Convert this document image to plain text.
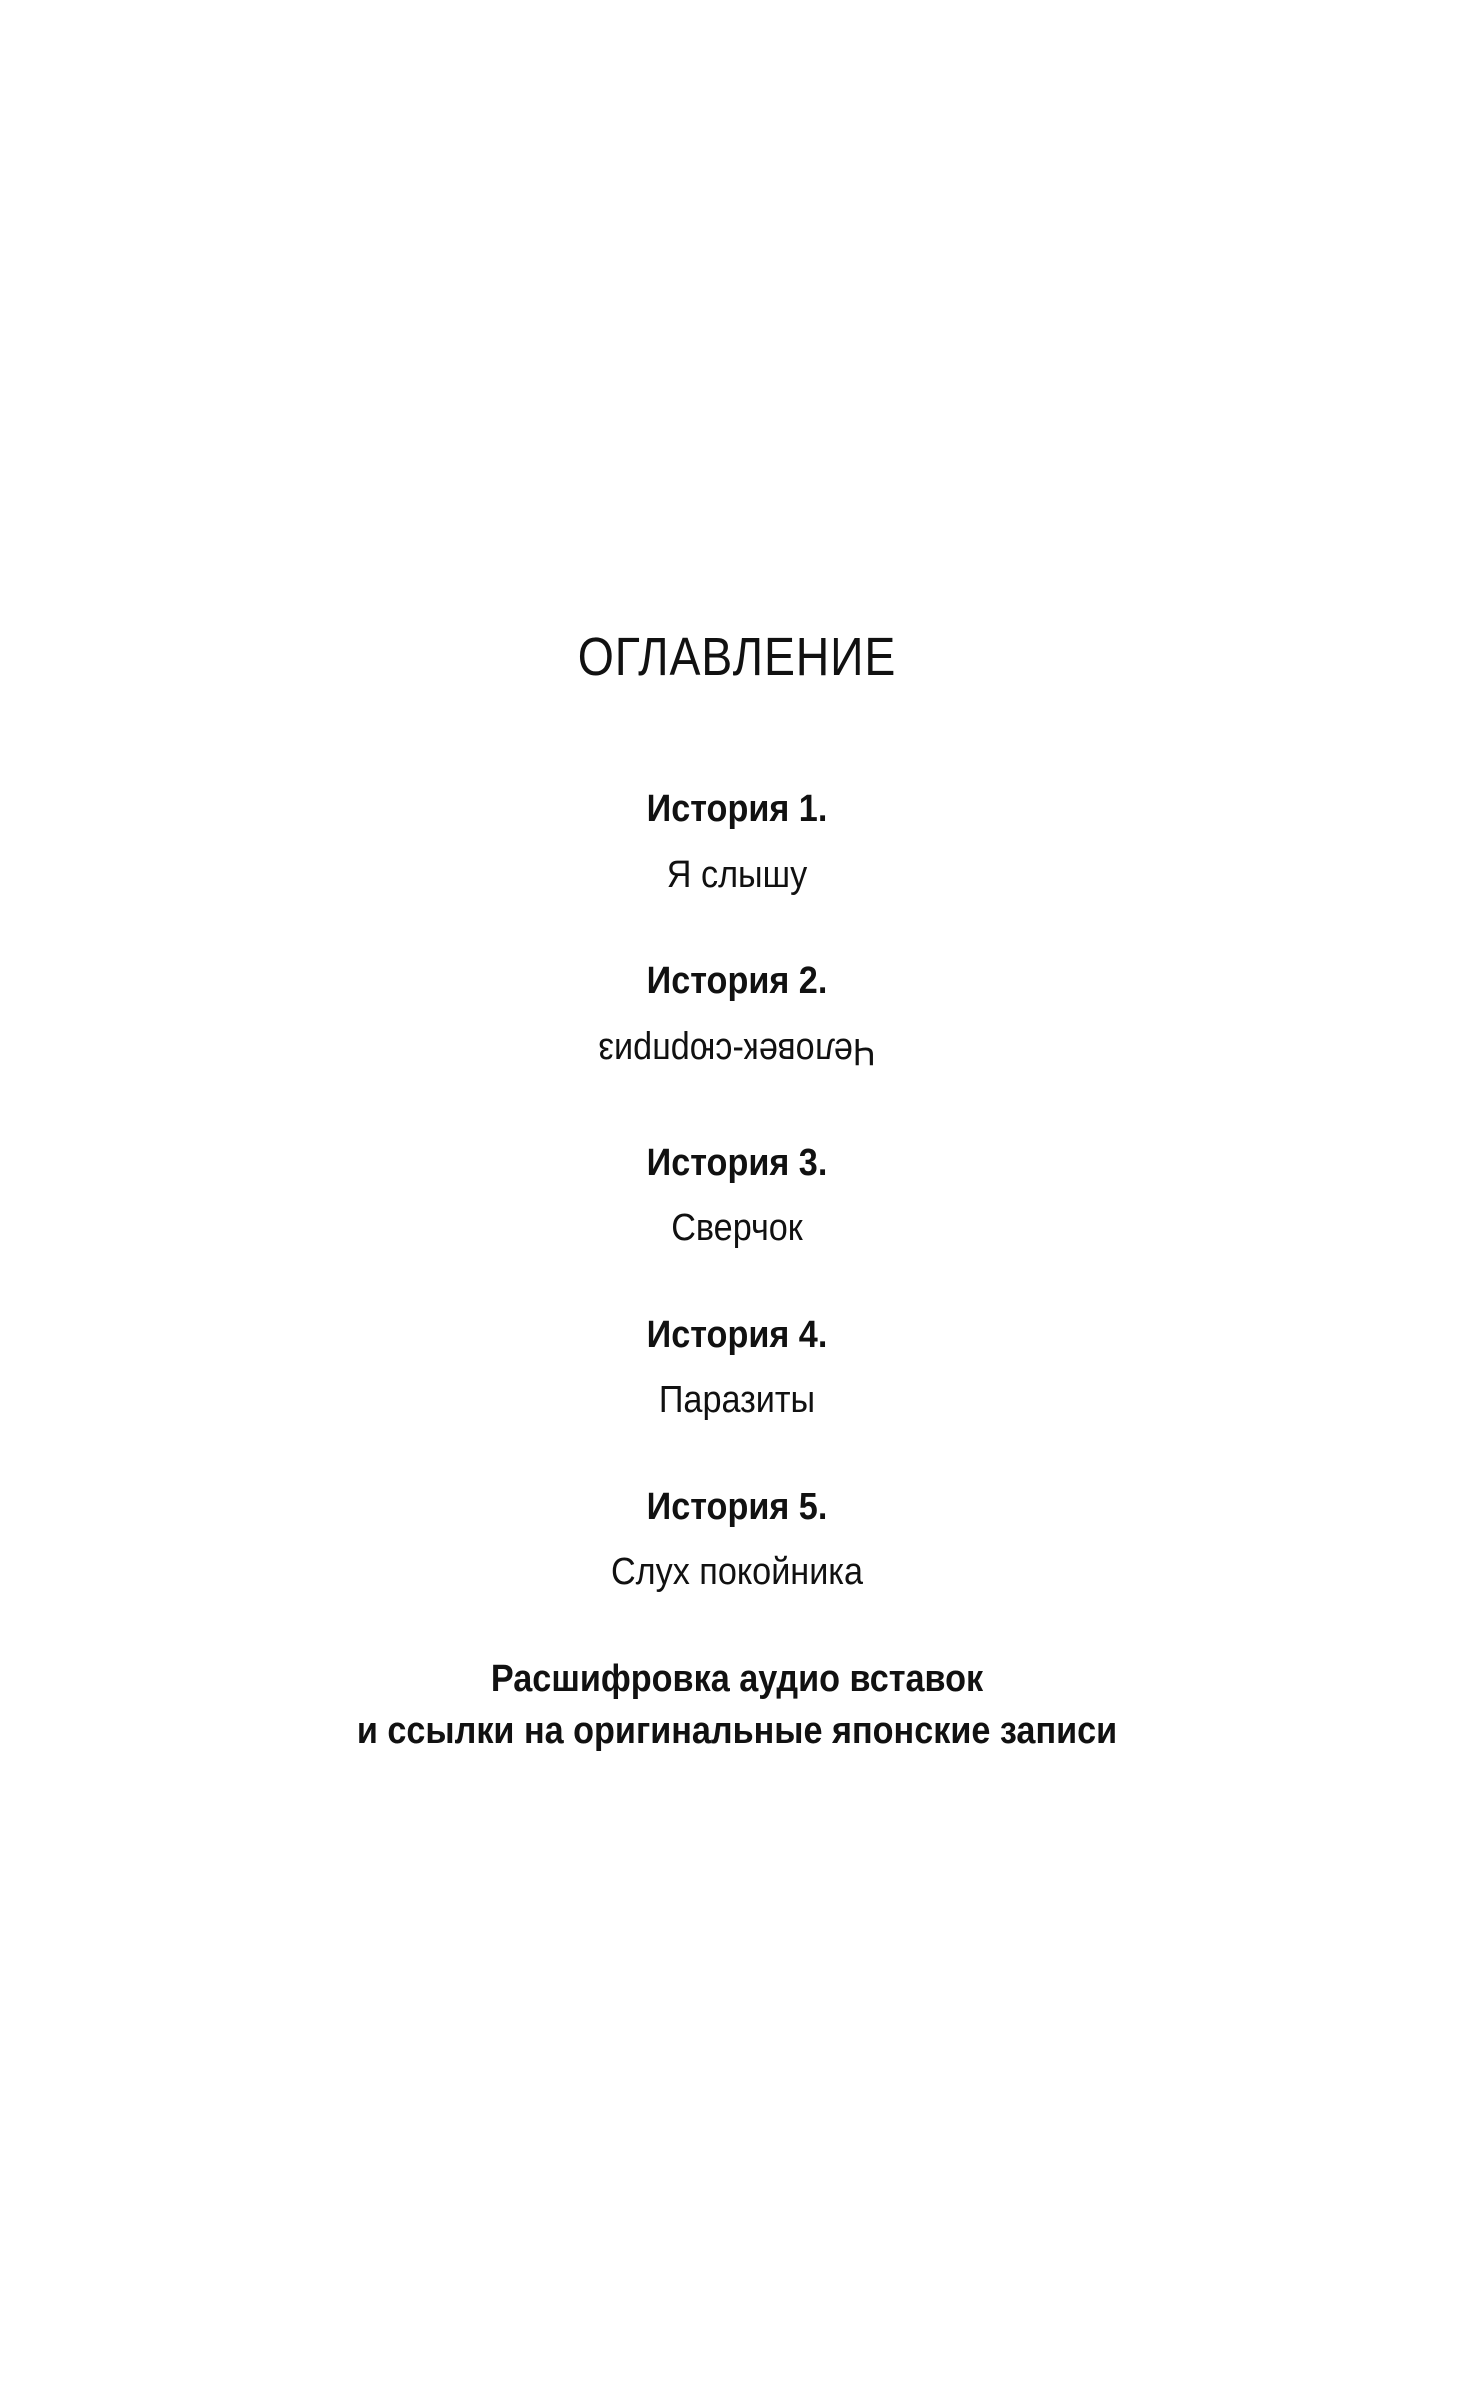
ОГЛАВЛЕНИЕ
История 1.
Я слышу
История 2.
Человек-сюрприз
История 3.
Сверчок
История 4.
Паразиты
История 5.
Слух покойника
Расшифровка аудио вставок
и ссылки на оригинальные японские записи
